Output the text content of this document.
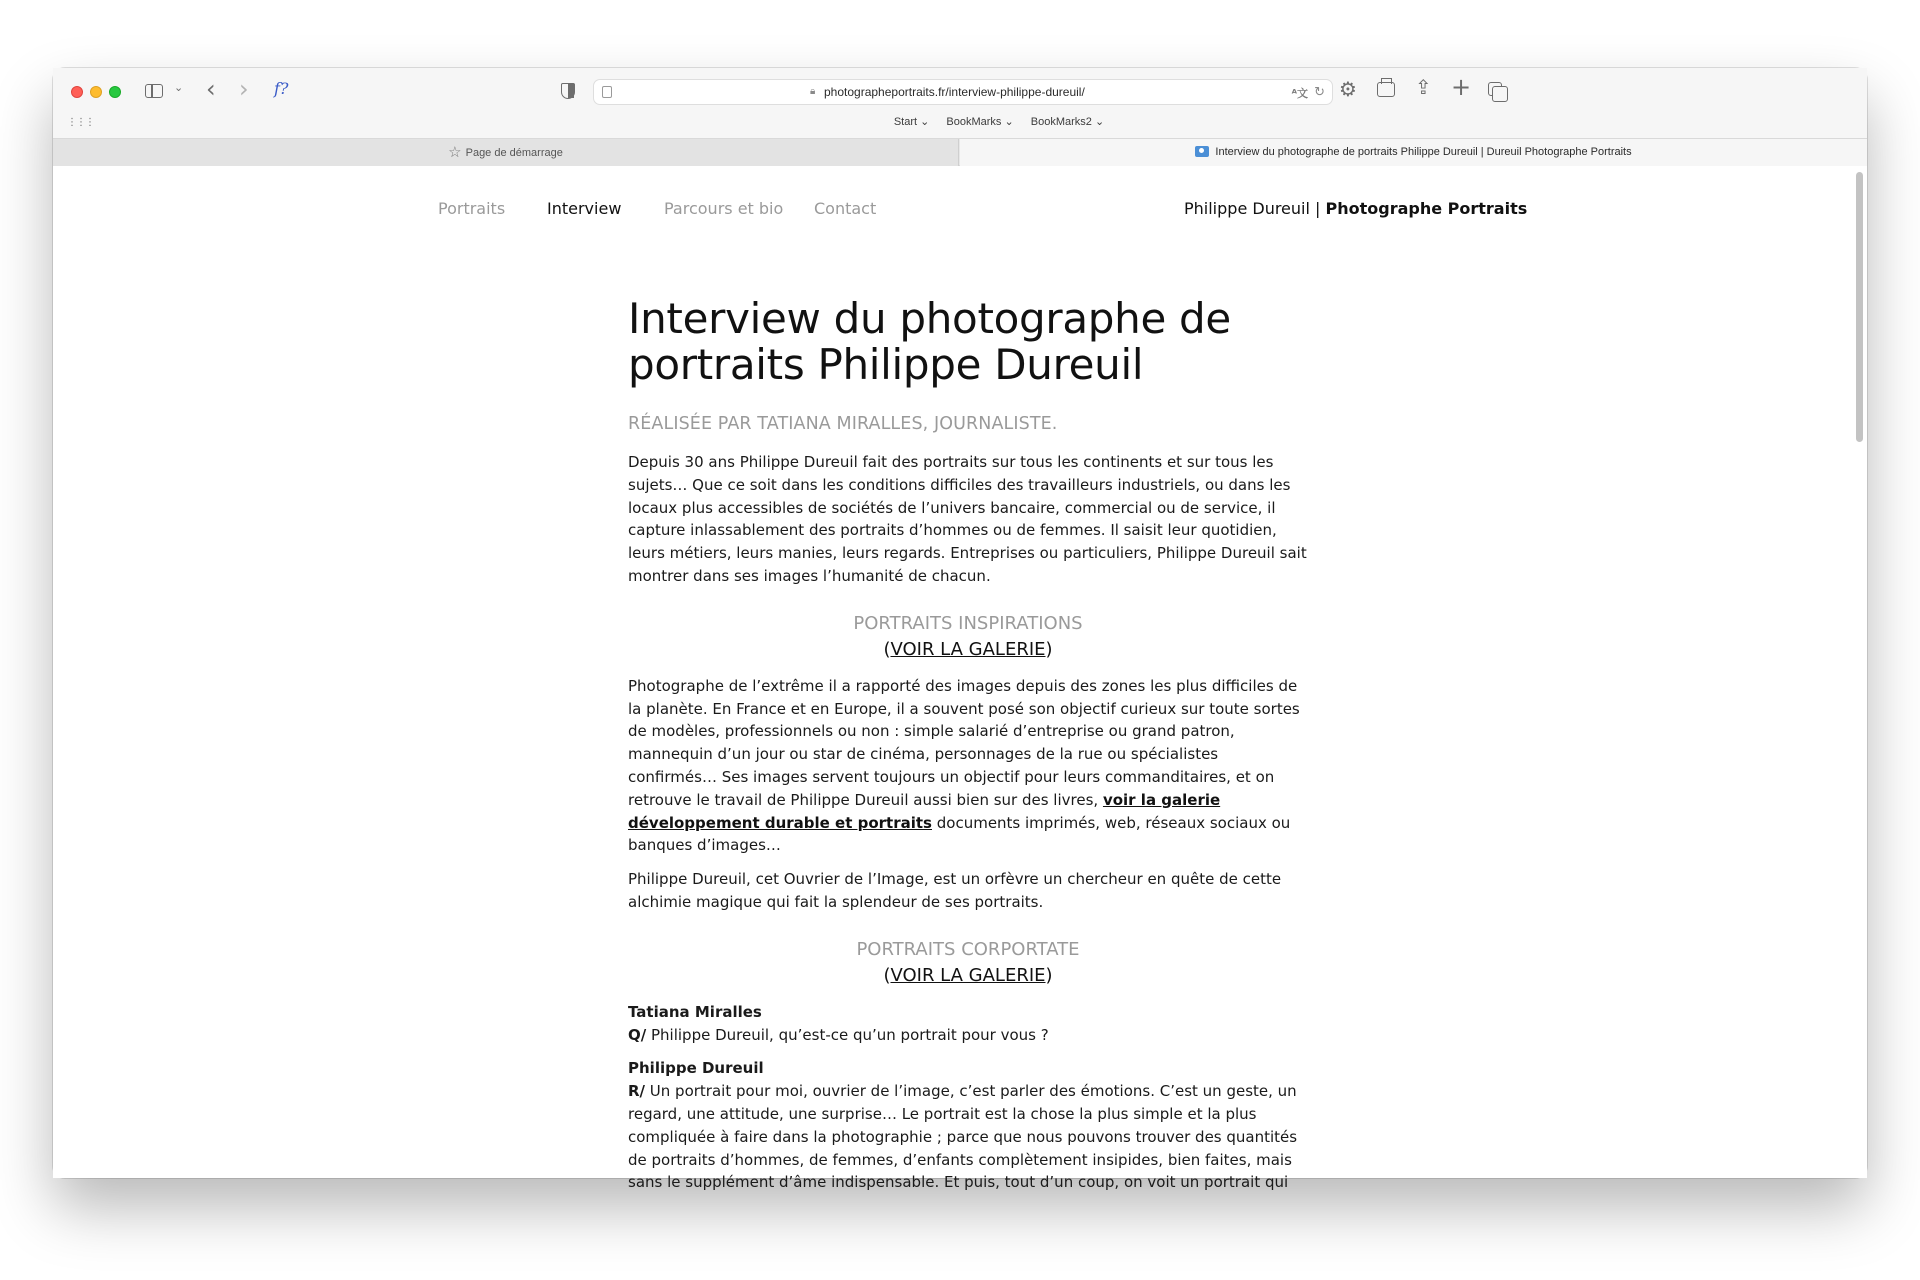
⌄ ‹ › f?	🔒︎ photographeportraits.fr/interview-philippe-dureuil/	ᴬ文 ↻ ⚙	⇪ +
⋮⋮⋮	Start ⌄ BookMarks ⌄ BookMarks2 ⌄
☆ Page de démarrage	Interview du photographe de portraits Philippe Dureuil | Dureuil Photographe Portraits
Portraits	Interview	Parcours et bio Contact	Philippe Dureuil | Photographe Portraits
Interview du photographe de portraits Philippe Dureuil
RÉALISÉE PAR TATIANA MIRALLES, JOURNALISTE.

Depuis 30 ans Philippe Dureuil fait des portraits sur tous les continents et sur tous les sujets… Que ce soit dans les conditions difficiles des travailleurs industriels, ou dans les locaux plus accessibles de sociétés de l’univers bancaire, commercial ou de service, il capture inlassablement des portraits d’hommes ou de femmes. Il saisit leur quotidien, leurs métiers, leurs manies, leurs regards. Entreprises ou particuliers, Philippe Dureuil sait montrer dans ses images l’humanité de chacun.

PORTRAITS INSPIRATIONS
(VOIR LA GALERIE)

Photographe de l’extrême il a rapporté des images depuis des zones les plus difficiles de la planète. En France et en Europe, il a souvent posé son objectif curieux sur toute sortes de modèles, professionnels ou non : simple salarié d’entreprise ou grand patron, mannequin d’un jour ou star de cinéma, personnages de la rue ou spécialistes confirmés… Ses images servent toujours un objectif pour leurs commanditaires, et on retrouve le travail de Philippe Dureuil aussi bien sur des livres, voir la galerie développement durable et portraits documents imprimés, web, réseaux sociaux ou banques d’images…

Philippe Dureuil, cet Ouvrier de l’Image, est un orfèvre un chercheur en quête de cette alchimie magique qui fait la splendeur de ses portraits.

PORTRAITS CORPORTATE
(VOIR LA GALERIE)

Tatiana Miralles
Q/ Philippe Dureuil, qu’est-ce qu’un portrait pour vous ?

Philippe Dureuil
R/ Un portrait pour moi, ouvrier de l’image, c’est parler des émotions. C’est un geste, un regard, une attitude, une surprise… Le portrait est la chose la plus simple et la plus compliquée à faire dans la photographie ; parce que nous pouvons trouver des quantités de portraits d’hommes, de femmes, d’enfants complètement insipides, bien faites, mais sans le supplément d’âme indispensable. Et puis, tout d’un coup, on voit un portrait qui
